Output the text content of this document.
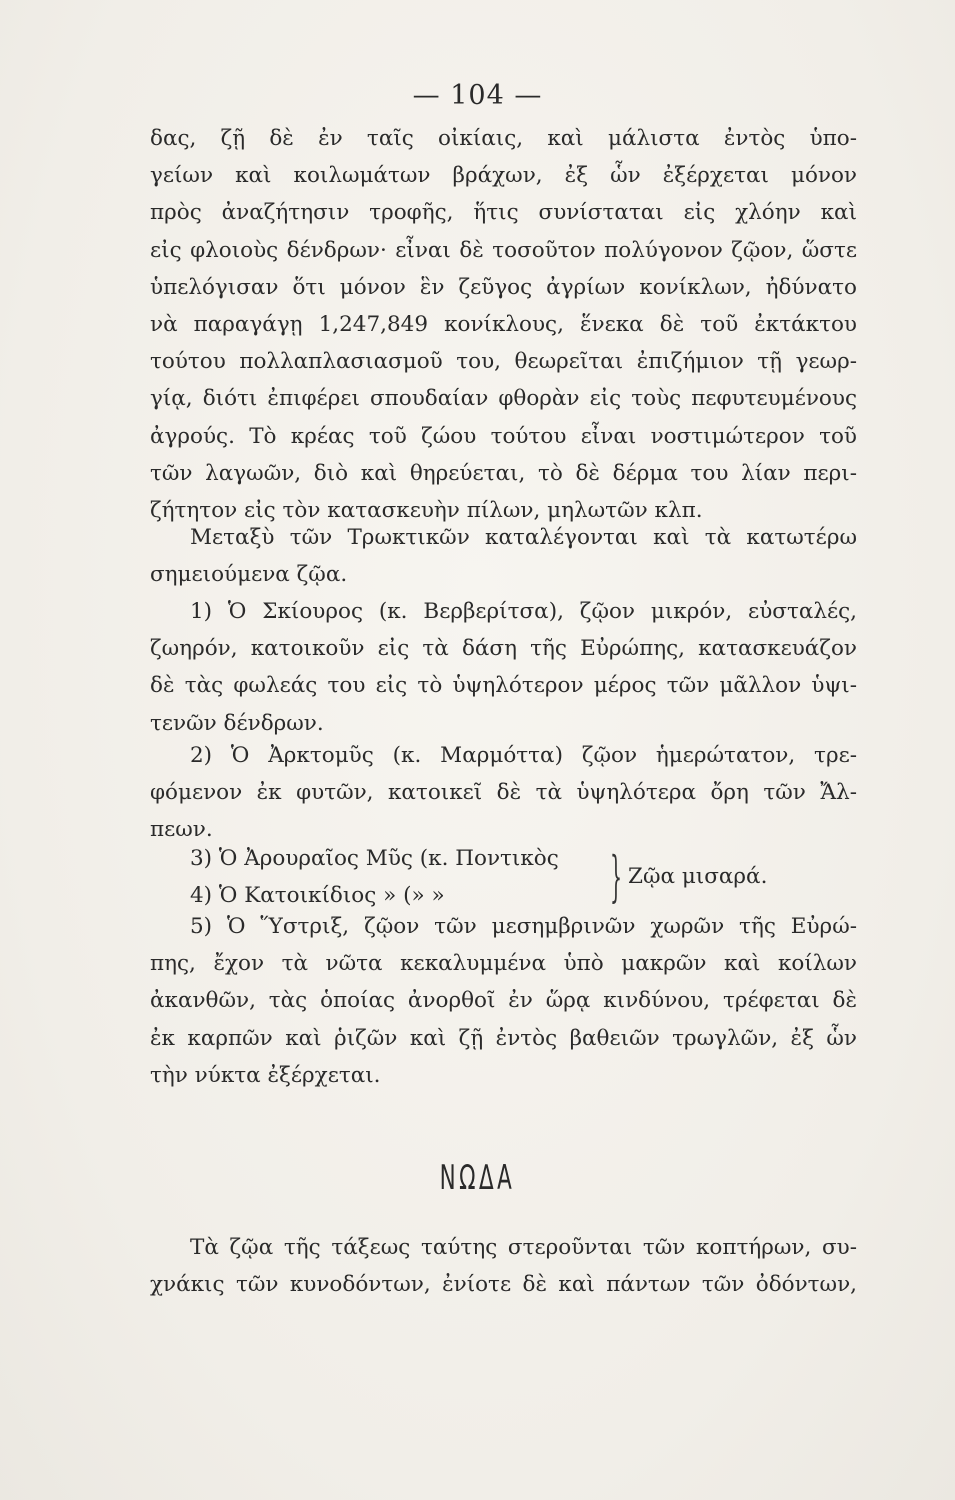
— 104 —
δας, ζῇ δὲ ἐν ταῖς οἰκίαις, καὶ μάλιστα ἐντὸς ὑπο-
γείων καὶ κοιλωμάτων βράχων, ἐξ ὧν ἐξέρχεται μόνον
πρὸς ἀναζήτησιν τροφῆς, ἥτις συνίσταται εἰς χλόην καὶ
εἰς φλοιοὺς δένδρων· εἶναι δὲ τοσοῦτον πολύγονον ζῷον, ὥστε
ὑπελόγισαν ὅτι μόνον ἓν ζεῦγος ἀγρίων κονίκλων, ἠδύνατο
νὰ παραγάγῃ 1,247,849 κονίκλους, ἕνεκα δὲ τοῦ ἐκτάκτου
τούτου πολλαπλασιασμοῦ του, θεωρεῖται ἐπιζήμιον τῇ γεωρ-
γίᾳ, διότι ἐπιφέρει σπουδαίαν φθορὰν εἰς τοὺς πεφυτευμένους
ἀγρούς. Τὸ κρέας τοῦ ζώου τούτου εἶναι νοστιμώτερον τοῦ
τῶν λαγωῶν, διὸ καὶ θηρεύεται, τὸ δὲ δέρμα του λίαν περι-
ζήτητον εἰς τὸν κατασκευὴν πίλων, μηλωτῶν κλπ.
Μεταξὺ τῶν Τρωκτικῶν καταλέγονται καὶ τὰ κατωτέρω
σημειούμενα ζῷα.
1) Ὁ Σκίουρος (κ. Βερβερίτσα), ζῷον μικρόν, εὐσταλές,
ζωηρόν, κατοικοῦν εἰς τὰ δάση τῆς Εὐρώπης, κατασκευάζον
δὲ τὰς φωλεάς του εἰς τὸ ὑψηλότερον μέρος τῶν μᾶλλον ὑψι-
τενῶν δένδρων.
2) Ὁ Ἀρκτομῦς (κ. Μαρμόττα) ζῷον ἡμερώτατον, τρε-
φόμενον ἐκ φυτῶν, κατοικεῖ δὲ τὰ ὑψηλότερα ὄρη τῶν Ἄλ-
πεων.
3) Ὁ Ἀρουραῖος Μῦς (κ. Ποντικὸς
4) Ὁ Κατοικίδιος » (» »	} Ζῷα μισαρά.
5) Ὁ Ὕστριξ, ζῷον τῶν μεσημβρινῶν χωρῶν τῆς Εὐρώ-
πης, ἔχον τὰ νῶτα κεκαλυμμένα ὑπὸ μακρῶν καὶ κοίλων
ἀκανθῶν, τὰς ὁποίας ἀνορθοῖ ἐν ὥρᾳ κινδύνου, τρέφεται δὲ
ἐκ καρπῶν καὶ ῥιζῶν καὶ ζῇ ἐντὸς βαθειῶν τρωγλῶν, ἐξ ὧν
τὴν νύκτα ἐξέρχεται.
ΝΩΔΑ
Τὰ ζῷα τῆς τάξεως ταύτης στεροῦνται τῶν κοπτήρων, συ-
χνάκις τῶν κυνοδόντων, ἐνίοτε δὲ καὶ πάντων τῶν ὀδόντων,
